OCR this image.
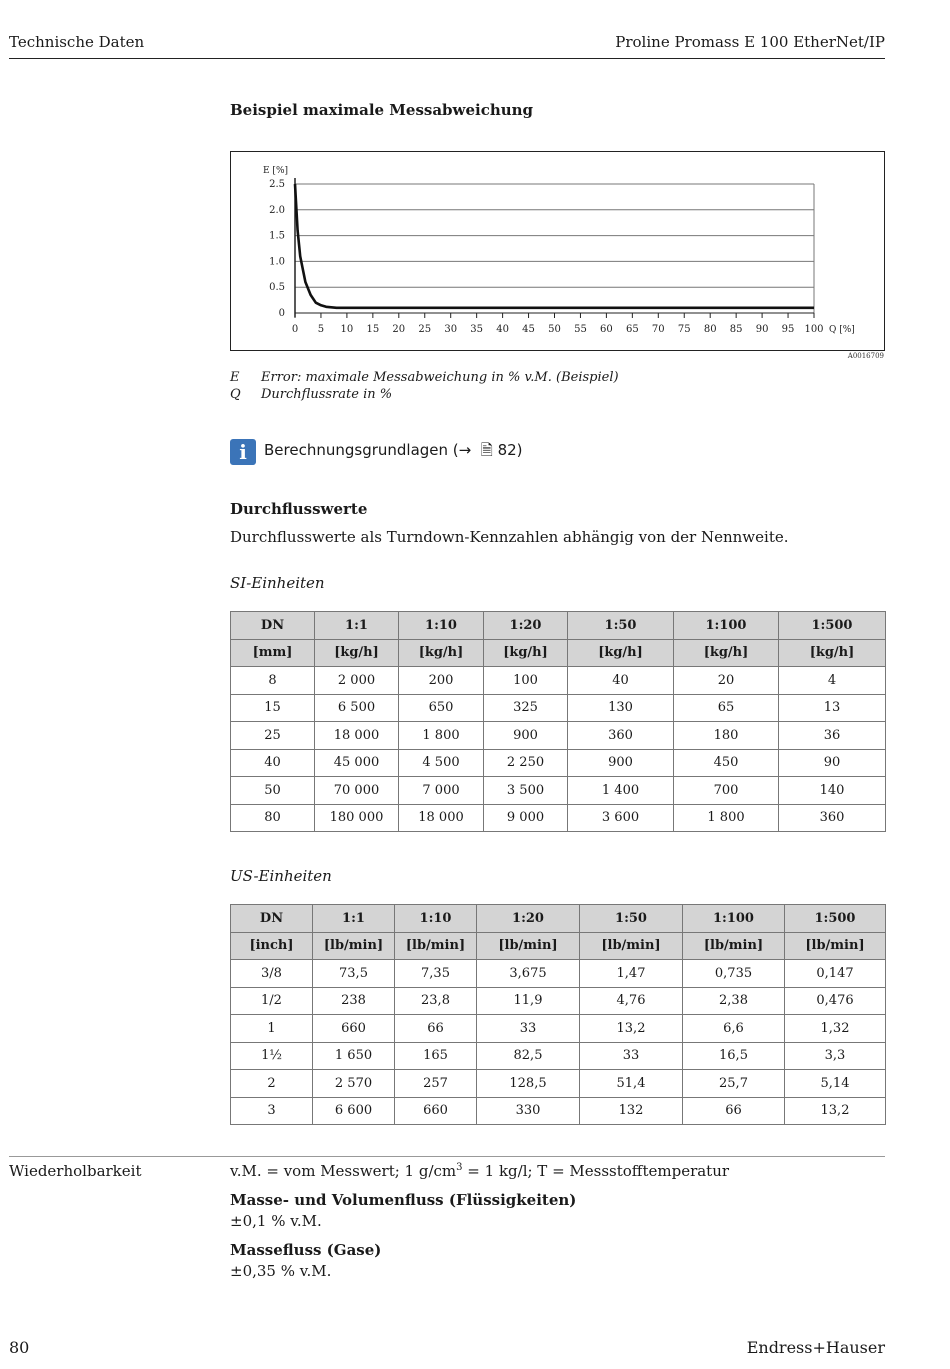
Technische Daten	Proline Promass E 100 EtherNet/IP
Beispiel maximale Messabweichung
2.5
2.0
1.5
1.0
0.5
0
0 5 10 15 20 25 30 35 40 45 50 55 60 65 70 75 80 85 90 95 100
E [%]
Q [%]
A0016709
E Error: maximale Messabweichung in % v.M. (Beispiel)
Q Durchflussrate in %
i	Berechnungsgrundlagen (→  🗎 82)
Durchflusswerte
Durchflusswerte als Turndown-Kennzahlen abhängig von der Nennweite.
SI-Einheiten
DN	1:1	1:10	1:20	1:50	1:100	1:500
[mm]	[kg/h]	[kg/h]	[kg/h]	[kg/h]	[kg/h]	[kg/h]
8	2 000	200	100	40	20	4
15	6 500	650	325	130	65	13
25	18 000	1 800	900	360	180	36
40	45 000	4 500	2 250	900	450	90
50	70 000	7 000	3 500	1 400	700	140
80	180 000	18 000	9 000	3 600	1 800	360
US-Einheiten
DN	1:1	1:10	1:20	1:50	1:100	1:500
[inch]	[lb/min]	[lb/min]	[lb/min]	[lb/min]	[lb/min]	[lb/min]
3/8	73,5	7,35	3,675	1,47	0,735	0,147
1/2	238	23,8	11,9	4,76	2,38	0,476
1	660	66	33	13,2	6,6	1,32
1½	1 650	165	82,5	33	16,5	3,3
2	2 570	257	128,5	51,4	25,7	5,14
3	6 600	660	330	132	66	13,2
Wiederholbarkeit	v.M. = vom Messwert; 1 $g/cm^3 = 1$ kg/l; T = Messstofftemperatur
Masse- und Volumenfluss (Flüssigkeiten)
±0,1 % v.M.
Massefluss (Gase)
±0,35 % v.M.
80	Endress+Hauser
